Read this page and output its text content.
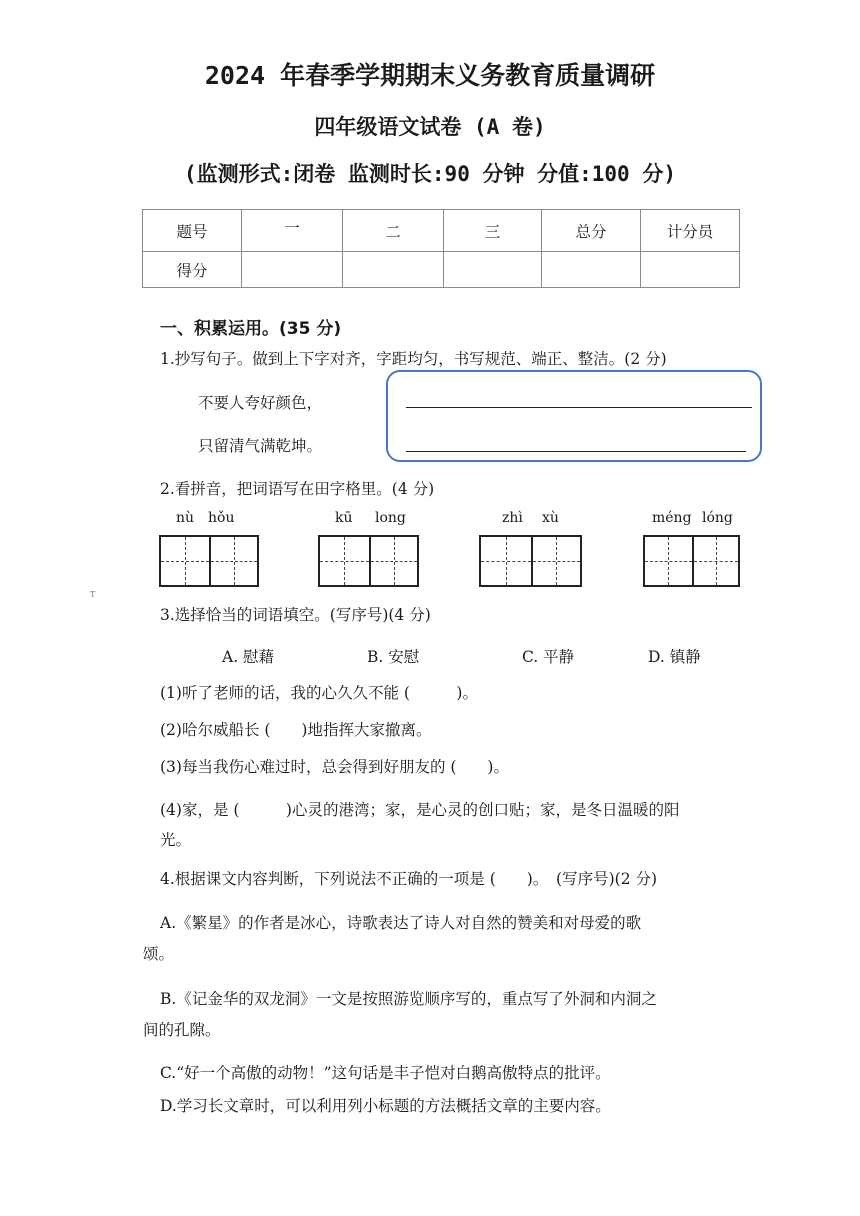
2024 年春季学期期末义务教育质量调研
四年级语文试卷 (A 卷)
(监测形式:闭卷 监测时长:90 分钟 分值:100 分)
题号	一	二	三	总分	计分员
得分					
一、积累运用。(35 分)
1.抄写句子。做到上下字对齐，字距均匀，书写规范、端正、整洁。(2 分)
不要人夸好颜色，
只留清气满乾坤。
2.看拼音，把词语写在田字格里。(4 分)
nù hǒu	kū long	zhì xù	méng lóng
T
3.选择恰当的词语填空。(写序号)(4 分)
A. 慰藉	B. 安慰	C. 平静	D. 镇静
(1)听了老师的话，我的心久久不能 (　　　)。
(2)哈尔威船长 (　　)地指挥大家撤离。
(3)每当我伤心难过时，总会得到好朋友的 (　　)。
(4)家，是 (　　　)心灵的港湾；家，是心灵的创口贴；家，是冬日温暖的阳
光。
4.根据课文内容判断，下列说法不正确的一项是 (　　)。　(写序号)(2 分)
A.《繁星》的作者是冰心，诗歌表达了诗人对自然的赞美和对母爱的歌
颂。
B.《记金华的双龙洞》一文是按照游览顺序写的，重点写了外洞和内洞之
间的孔隙。
C.“好一个高傲的动物！”这句话是丰子恺对白鹅高傲特点的批评。
D.学习长文章时，可以利用列小标题的方法概括文章的主要内容。
